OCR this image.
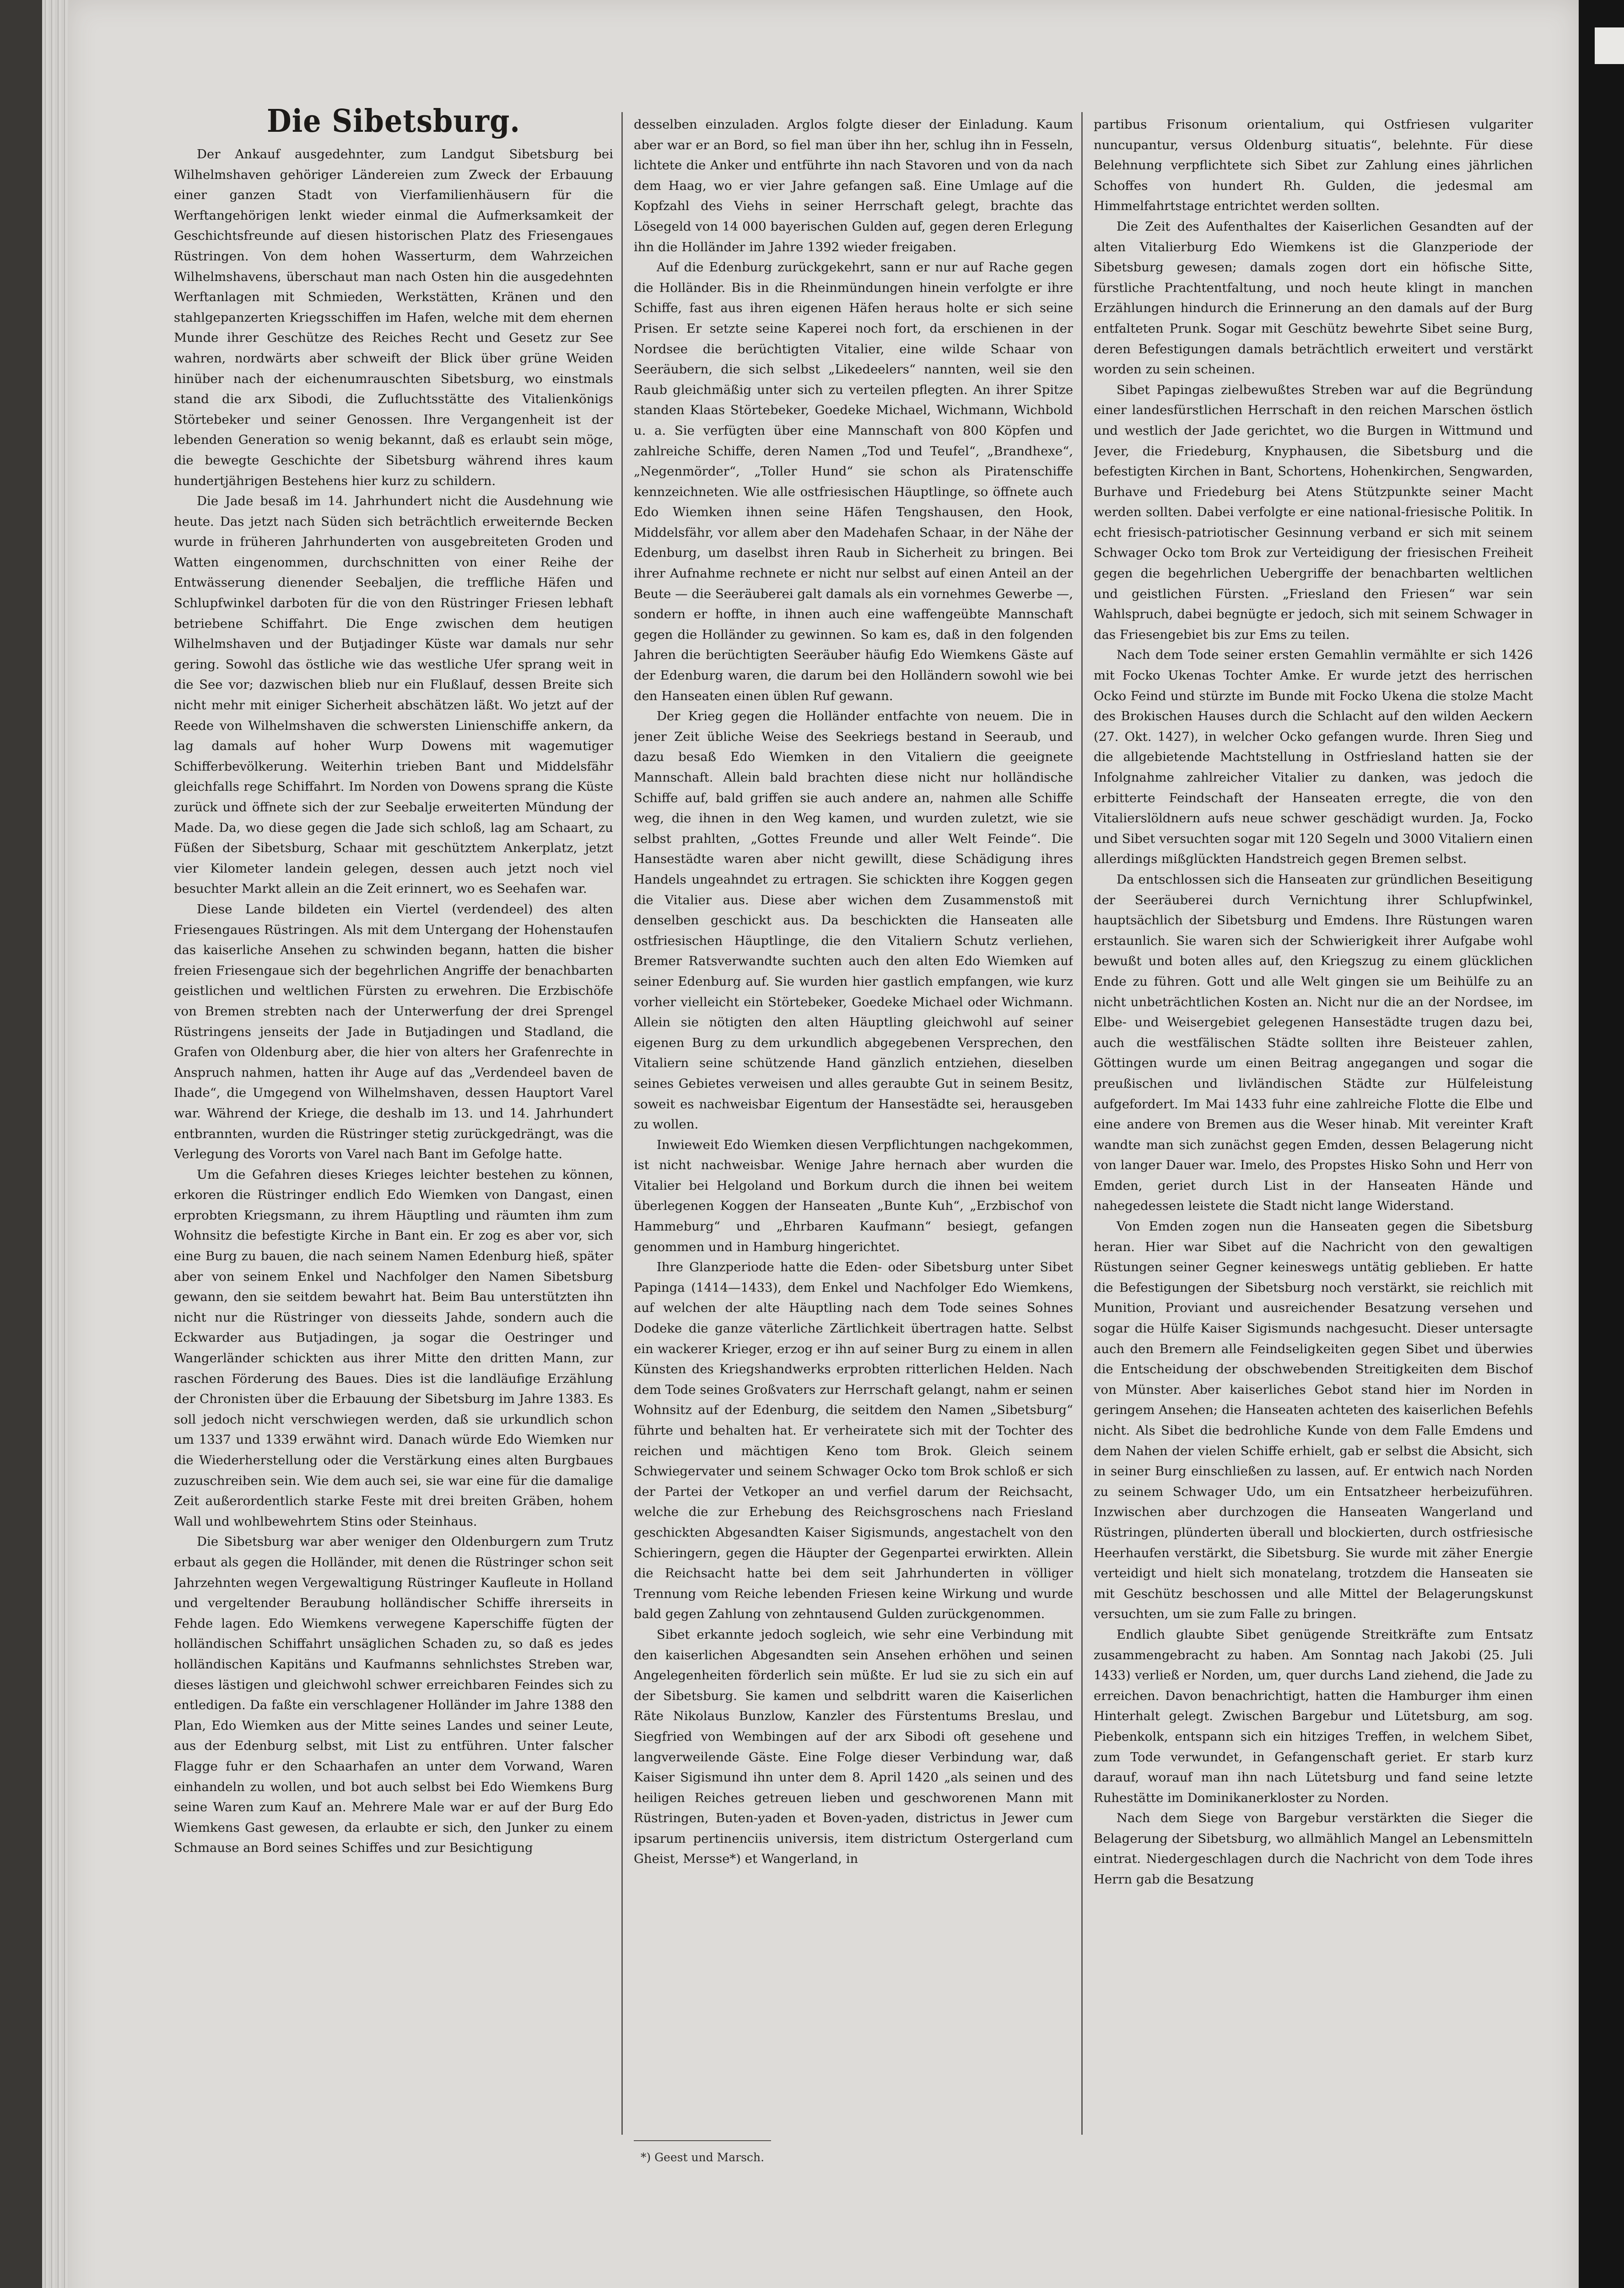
Die Sibetsburg.

Der Ankauf ausgedehnter, zum Landgut Sibetsburg bei Wilhelmshaven gehöriger Ländereien zum Zweck der Erbauung einer ganzen Stadt von Vierfamilienhäusern für die Werftangehörigen lenkt wieder einmal die Aufmerksamkeit der Geschichtsfreunde auf diesen historischen Platz des Friesengaues Rüstringen. Von dem hohen Wasserturm, dem Wahrzeichen Wilhelmshavens, überschaut man nach Osten hin die ausgedehnten Werftanlagen mit Schmieden, Werkstätten, Kränen und den stahlgepanzerten Kriegsschiffen im Hafen, welche mit dem ehernen Munde ihrer Geschütze des Reiches Recht und Gesetz zur See wahren, nordwärts aber schweift der Blick über grüne Weiden hinüber nach der eichenumrauschten Sibetsburg, wo einstmals stand die arx Sibodi, die Zufluchtsstätte des Vitalienkönigs Störtebeker und seiner Genossen. Ihre Vergangenheit ist der lebenden Generation so wenig bekannt, daß es erlaubt sein möge, die bewegte Geschichte der Sibetsburg während ihres kaum hundertjährigen Bestehens hier kurz zu schildern.

Die Jade besaß im 14. Jahrhundert nicht die Ausdehnung wie heute. Das jetzt nach Süden sich beträchtlich erweiternde Becken wurde in früheren Jahrhunderten von ausgebreiteten Groden und Watten eingenommen, durchschnitten von einer Reihe der Entwässerung dienender Seebaljen, die treffliche Häfen und Schlupfwinkel darboten für die von den Rüstringer Friesen lebhaft betriebene Schiffahrt. Die Enge zwischen dem heutigen Wilhelmshaven und der Butjadinger Küste war damals nur sehr gering. Sowohl das östliche wie das westliche Ufer sprang weit in die See vor; dazwischen blieb nur ein Flußlauf, dessen Breite sich nicht mehr mit einiger Sicherheit abschätzen läßt. Wo jetzt auf der Reede von Wilhelmshaven die schwersten Linienschiffe ankern, da lag damals auf hoher Wurp Dowens mit wagemutiger Schifferbevölkerung. Weiterhin trieben Bant und Middelsfähr gleichfalls rege Schiffahrt. Im Norden von Dowens sprang die Küste zurück und öffnete sich der zur Seebalje erweiterten Mündung der Made. Da, wo diese gegen die Jade sich schloß, lag am Schaart, zu Füßen der Sibetsburg, Schaar mit geschütztem Ankerplatz, jetzt vier Kilometer landein gelegen, dessen auch jetzt noch viel besuchter Markt allein an die Zeit erinnert, wo es Seehafen war.

Diese Lande bildeten ein Viertel (verdendeel) des alten Friesengaues Rüstringen. Als mit dem Untergang der Hohenstaufen das kaiserliche Ansehen zu schwinden begann, hatten die bisher freien Friesengaue sich der begehrlichen Angriffe der benachbarten geistlichen und weltlichen Fürsten zu erwehren. Die Erzbischöfe von Bremen strebten nach der Unterwerfung der drei Sprengel Rüstringens jenseits der Jade in Butjadingen und Stadland, die Grafen von Oldenburg aber, die hier von alters her Grafenrechte in Anspruch nahmen, hatten ihr Auge auf das „Verdendeel baven de Ihade“, die Umgegend von Wilhelmshaven, dessen Hauptort Varel war. Während der Kriege, die deshalb im 13. und 14. Jahrhundert entbrannten, wurden die Rüstringer stetig zurückgedrängt, was die Verlegung des Vororts von Varel nach Bant im Gefolge hatte.

Um die Gefahren dieses Krieges leichter bestehen zu können, erkoren die Rüstringer endlich Edo Wiemken von Dangast, einen erprobten Kriegsmann, zu ihrem Häuptling und räumten ihm zum Wohnsitz die befestigte Kirche in Bant ein. Er zog es aber vor, sich eine Burg zu bauen, die nach seinem Namen Edenburg hieß, später aber von seinem Enkel und Nachfolger den Namen Sibetsburg gewann, den sie seitdem bewahrt hat. Beim Bau unterstützten ihn nicht nur die Rüstringer von diesseits Jahde, sondern auch die Eckwarder aus Butjadingen, ja sogar die Oestringer und Wangerländer schickten aus ihrer Mitte den dritten Mann, zur raschen Förderung des Baues. Dies ist die landläufige Erzählung der Chronisten über die Erbauung der Sibetsburg im Jahre 1383. Es soll jedoch nicht verschwiegen werden, daß sie urkundlich schon um 1337 und 1339 erwähnt wird. Danach würde Edo Wiemken nur die Wiederherstellung oder die Verstärkung eines alten Burgbaues zuzuschreiben sein. Wie dem auch sei, sie war eine für die damalige Zeit außerordentlich starke Feste mit drei breiten Gräben, hohem Wall und wohlbewehrtem Stins oder Steinhaus.

Die Sibetsburg war aber weniger den Oldenburgern zum Trutz erbaut als gegen die Holländer, mit denen die Rüstringer schon seit Jahrzehnten wegen Vergewaltigung Rüstringer Kaufleute in Holland und vergeltender Beraubung holländischer Schiffe ihrerseits in Fehde lagen. Edo Wiemkens verwegene Kaperschiffe fügten der holländischen Schiffahrt unsäglichen Schaden zu, so daß es jedes holländischen Kapitäns und Kaufmanns sehnlichstes Streben war, dieses lästigen und gleichwohl schwer erreichbaren Feindes sich zu entledigen. Da faßte ein verschlagener Holländer im Jahre 1388 den Plan, Edo Wiemken aus der Mitte seines Landes und seiner Leute, aus der Edenburg selbst, mit List zu entführen. Unter falscher Flagge fuhr er den Schaarhafen an unter dem Vorwand, Waren einhandeln zu wollen, und bot auch selbst bei Edo Wiemkens Burg seine Waren zum Kauf an. Mehrere Male war er auf der Burg Edo Wiemkens Gast gewesen, da erlaubte er sich, den Junker zu einem Schmause an Bord seines Schiffes und zur Besichtigung

desselben einzuladen. Arglos folgte dieser der Einladung. Kaum aber war er an Bord, so fiel man über ihn her, schlug ihn in Fesseln, lichtete die Anker und entführte ihn nach Stavoren und von da nach dem Haag, wo er vier Jahre gefangen saß. Eine Umlage auf die Kopfzahl des Viehs in seiner Herrschaft gelegt, brachte das Lösegeld von 14 000 bayerischen Gulden auf, gegen deren Erlegung ihn die Holländer im Jahre 1392 wieder freigaben.

Auf die Edenburg zurückgekehrt, sann er nur auf Rache gegen die Holländer. Bis in die Rheinmündungen hinein verfolgte er ihre Schiffe, fast aus ihren eigenen Häfen heraus holte er sich seine Prisen. Er setzte seine Kaperei noch fort, da erschienen in der Nordsee die berüchtigten Vitalier, eine wilde Schaar von Seeräubern, die sich selbst „Likedeelers“ nannten, weil sie den Raub gleichmäßig unter sich zu verteilen pflegten. An ihrer Spitze standen Klaas Störtebeker, Goedeke Michael, Wichmann, Wichbold u. a. Sie verfügten über eine Mannschaft von 800 Köpfen und zahlreiche Schiffe, deren Namen „Tod und Teufel“, „Brandhexe“, „Negenmörder“, „Toller Hund“ sie schon als Piratenschiffe kennzeichneten. Wie alle ostfriesischen Häuptlinge, so öffnete auch Edo Wiemken ihnen seine Häfen Tengshausen, den Hook, Middelsfähr, vor allem aber den Madehafen Schaar, in der Nähe der Edenburg, um daselbst ihren Raub in Sicherheit zu bringen. Bei ihrer Aufnahme rechnete er nicht nur selbst auf einen Anteil an der Beute — die Seeräuberei galt damals als ein vornehmes Gewerbe —, sondern er hoffte, in ihnen auch eine waffengeübte Mannschaft gegen die Holländer zu gewinnen. So kam es, daß in den folgenden Jahren die berüchtigten Seeräuber häufig Edo Wiemkens Gäste auf der Edenburg waren, die darum bei den Holländern sowohl wie bei den Hanseaten einen üblen Ruf gewann.

Der Krieg gegen die Holländer entfachte von neuem. Die in jener Zeit übliche Weise des Seekriegs bestand in Seeraub, und dazu besaß Edo Wiemken in den Vitaliern die geeignete Mannschaft. Allein bald brachten diese nicht nur holländische Schiffe auf, bald griffen sie auch andere an, nahmen alle Schiffe weg, die ihnen in den Weg kamen, und wurden zuletzt, wie sie selbst prahlten, „Gottes Freunde und aller Welt Feinde“. Die Hansestädte waren aber nicht gewillt, diese Schädigung ihres Handels ungeahndet zu ertragen. Sie schickten ihre Koggen gegen die Vitalier aus. Diese aber wichen dem Zusammenstoß mit denselben geschickt aus. Da beschickten die Hanseaten alle ostfriesischen Häuptlinge, die den Vitaliern Schutz verliehen, Bremer Ratsverwandte suchten auch den alten Edo Wiemken auf seiner Edenburg auf. Sie wurden hier gastlich empfangen, wie kurz vorher vielleicht ein Störtebeker, Goedeke Michael oder Wichmann. Allein sie nötigten den alten Häuptling gleichwohl auf seiner eigenen Burg zu dem urkundlich abgegebenen Versprechen, den Vitaliern seine schützende Hand gänzlich entziehen, dieselben seines Gebietes verweisen und alles geraubte Gut in seinem Besitz, soweit es nachweisbar Eigentum der Hansestädte sei, herausgeben zu wollen.

Inwieweit Edo Wiemken diesen Verpflichtungen nachgekommen, ist nicht nachweisbar. Wenige Jahre hernach aber wurden die Vitalier bei Helgoland und Borkum durch die ihnen bei weitem überlegenen Koggen der Hanseaten „Bunte Kuh“, „Erzbischof von Hammeburg“ und „Ehrbaren Kaufmann“ besiegt, gefangen genommen und in Hamburg hingerichtet.

Ihre Glanzperiode hatte die Eden- oder Sibetsburg unter Sibet Papinga (1414—1433), dem Enkel und Nachfolger Edo Wiemkens, auf welchen der alte Häuptling nach dem Tode seines Sohnes Dodeke die ganze väterliche Zärtlichkeit übertragen hatte. Selbst ein wackerer Krieger, erzog er ihn auf seiner Burg zu einem in allen Künsten des Kriegshandwerks erprobten ritterlichen Helden. Nach dem Tode seines Großvaters zur Herrschaft gelangt, nahm er seinen Wohnsitz auf der Edenburg, die seitdem den Namen „Sibetsburg“ führte und behalten hat. Er verheiratete sich mit der Tochter des reichen und mächtigen Keno tom Brok. Gleich seinem Schwiegervater und seinem Schwager Ocko tom Brok schloß er sich der Partei der Vetkoper an und verfiel darum der Reichsacht, welche die zur Erhebung des Reichsgroschens nach Friesland geschickten Abgesandten Kaiser Sigismunds, angestachelt von den Schieringern, gegen die Häupter der Gegenpartei erwirkten. Allein die Reichsacht hatte bei dem seit Jahrhunderten in völliger Trennung vom Reiche lebenden Friesen keine Wirkung und wurde bald gegen Zahlung von zehntausend Gulden zurückgenommen.

Sibet erkannte jedoch sogleich, wie sehr eine Verbindung mit den kaiserlichen Abgesandten sein Ansehen erhöhen und seinen Angelegenheiten förderlich sein müßte. Er lud sie zu sich ein auf der Sibetsburg. Sie kamen und selbdritt waren die Kaiserlichen Räte Nikolaus Bunzlow, Kanzler des Fürstentums Breslau, und Siegfried von Wembingen auf der arx Sibodi oft gesehene und langverweilende Gäste. Eine Folge dieser Verbindung war, daß Kaiser Sigismund ihn unter dem 8. April 1420 „als seinen und des heiligen Reiches getreuen lieben und geschworenen Mann mit Rüstringen, Buten-yaden et Boven-yaden, districtus in Jewer cum ipsarum pertinenciis universis, item districtum Ostergerland cum Gheist, Mersse*) et Wangerland, in

partibus Frisonum orientalium, qui Ostfriesen vulgariter nuncupantur, versus Oldenburg situatis“, belehnte. Für diese Belehnung verpflichtete sich Sibet zur Zahlung eines jährlichen Schoffes von hundert Rh. Gulden, die jedesmal am Himmelfahrtstage entrichtet werden sollten.

Die Zeit des Aufenthaltes der Kaiserlichen Gesandten auf der alten Vitalierburg Edo Wiemkens ist die Glanzperiode der Sibetsburg gewesen; damals zogen dort ein höfische Sitte, fürstliche Prachtentfaltung, und noch heute klingt in manchen Erzählungen hindurch die Erinnerung an den damals auf der Burg entfalteten Prunk. Sogar mit Geschütz bewehrte Sibet seine Burg, deren Befestigungen damals beträchtlich erweitert und verstärkt worden zu sein scheinen.

Sibet Papingas zielbewußtes Streben war auf die Begründung einer landesfürstlichen Herrschaft in den reichen Marschen östlich und westlich der Jade gerichtet, wo die Burgen in Wittmund und Jever, die Friedeburg, Knyphausen, die Sibetsburg und die befestigten Kirchen in Bant, Schortens, Hohenkirchen, Sengwarden, Burhave und Friedeburg bei Atens Stützpunkte seiner Macht werden sollten. Dabei verfolgte er eine national-friesische Politik. In echt friesisch-patriotischer Gesinnung verband er sich mit seinem Schwager Ocko tom Brok zur Verteidigung der friesischen Freiheit gegen die begehrlichen Uebergriffe der benachbarten weltlichen und geistlichen Fürsten. „Friesland den Friesen“ war sein Wahlspruch, dabei begnügte er jedoch, sich mit seinem Schwager in das Friesengebiet bis zur Ems zu teilen.

Nach dem Tode seiner ersten Gemahlin vermählte er sich 1426 mit Focko Ukenas Tochter Amke. Er wurde jetzt des herrischen Ocko Feind und stürzte im Bunde mit Focko Ukena die stolze Macht des Brokischen Hauses durch die Schlacht auf den wilden Aeckern (27. Okt. 1427), in welcher Ocko gefangen wurde. Ihren Sieg und die allgebietende Machtstellung in Ostfriesland hatten sie der Infolgnahme zahlreicher Vitalier zu danken, was jedoch die erbitterte Feindschaft der Hanseaten erregte, die von den Vitalierslöldnern aufs neue schwer geschädigt wurden. Ja, Focko und Sibet versuchten sogar mit 120 Segeln und 3000 Vitaliern einen allerdings mißglückten Handstreich gegen Bremen selbst.

Da entschlossen sich die Hanseaten zur gründlichen Beseitigung der Seeräuberei durch Vernichtung ihrer Schlupfwinkel, hauptsächlich der Sibetsburg und Emdens. Ihre Rüstungen waren erstaunlich. Sie waren sich der Schwierigkeit ihrer Aufgabe wohl bewußt und boten alles auf, den Kriegszug zu einem glücklichen Ende zu führen. Gott und alle Welt gingen sie um Beihülfe zu an nicht unbeträchtlichen Kosten an. Nicht nur die an der Nordsee, im Elbe- und Weisergebiet gelegenen Hansestädte trugen dazu bei, auch die westfälischen Städte sollten ihre Beisteuer zahlen, Göttingen wurde um einen Beitrag angegangen und sogar die preußischen und livländischen Städte zur Hülfeleistung aufgefordert. Im Mai 1433 fuhr eine zahlreiche Flotte die Elbe und eine andere von Bremen aus die Weser hinab. Mit vereinter Kraft wandte man sich zunächst gegen Emden, dessen Belagerung nicht von langer Dauer war. Imelo, des Propstes Hisko Sohn und Herr von Emden, geriet durch List in der Hanseaten Hände und nahegedessen leistete die Stadt nicht lange Widerstand.

Von Emden zogen nun die Hanseaten gegen die Sibetsburg heran. Hier war Sibet auf die Nachricht von den gewaltigen Rüstungen seiner Gegner keineswegs untätig geblieben. Er hatte die Befestigungen der Sibetsburg noch verstärkt, sie reichlich mit Munition, Proviant und ausreichender Besatzung versehen und sogar die Hülfe Kaiser Sigismunds nachgesucht. Dieser untersagte auch den Bremern alle Feindseligkeiten gegen Sibet und überwies die Entscheidung der obschwebenden Streitigkeiten dem Bischof von Münster. Aber kaiserliches Gebot stand hier im Norden in geringem Ansehen; die Hanseaten achteten des kaiserlichen Befehls nicht. Als Sibet die bedrohliche Kunde von dem Falle Emdens und dem Nahen der vielen Schiffe erhielt, gab er selbst die Absicht, sich in seiner Burg einschließen zu lassen, auf. Er entwich nach Norden zu seinem Schwager Udo, um ein Entsatzheer herbeizuführen. Inzwischen aber durchzogen die Hanseaten Wangerland und Rüstringen, plünderten überall und blockierten, durch ostfriesische Heerhaufen verstärkt, die Sibetsburg. Sie wurde mit zäher Energie verteidigt und hielt sich monatelang, trotzdem die Hanseaten sie mit Geschütz beschossen und alle Mittel der Belagerungskunst versuchten, um sie zum Falle zu bringen.

Endlich glaubte Sibet genügende Streitkräfte zum Entsatz zusammengebracht zu haben. Am Sonntag nach Jakobi (25. Juli 1433) verließ er Norden, um, quer durchs Land ziehend, die Jade zu erreichen. Davon benachrichtigt, hatten die Hamburger ihm einen Hinterhalt gelegt. Zwischen Bargebur und Lütetsburg, am sog. Piebenkolk, entspann sich ein hitziges Treffen, in welchem Sibet, zum Tode verwundet, in Gefangenschaft geriet. Er starb kurz darauf, worauf man ihn nach Lütetsburg und fand seine letzte Ruhestätte im Dominikanerkloster zu Norden.

Nach dem Siege von Bargebur verstärkten die Sieger die Belagerung der Sibetsburg, wo allmählich Mangel an Lebensmitteln eintrat. Niedergeschlagen durch die Nachricht von dem Tode ihres Herrn gab die Besatzung

*) Geest und Marsch.
